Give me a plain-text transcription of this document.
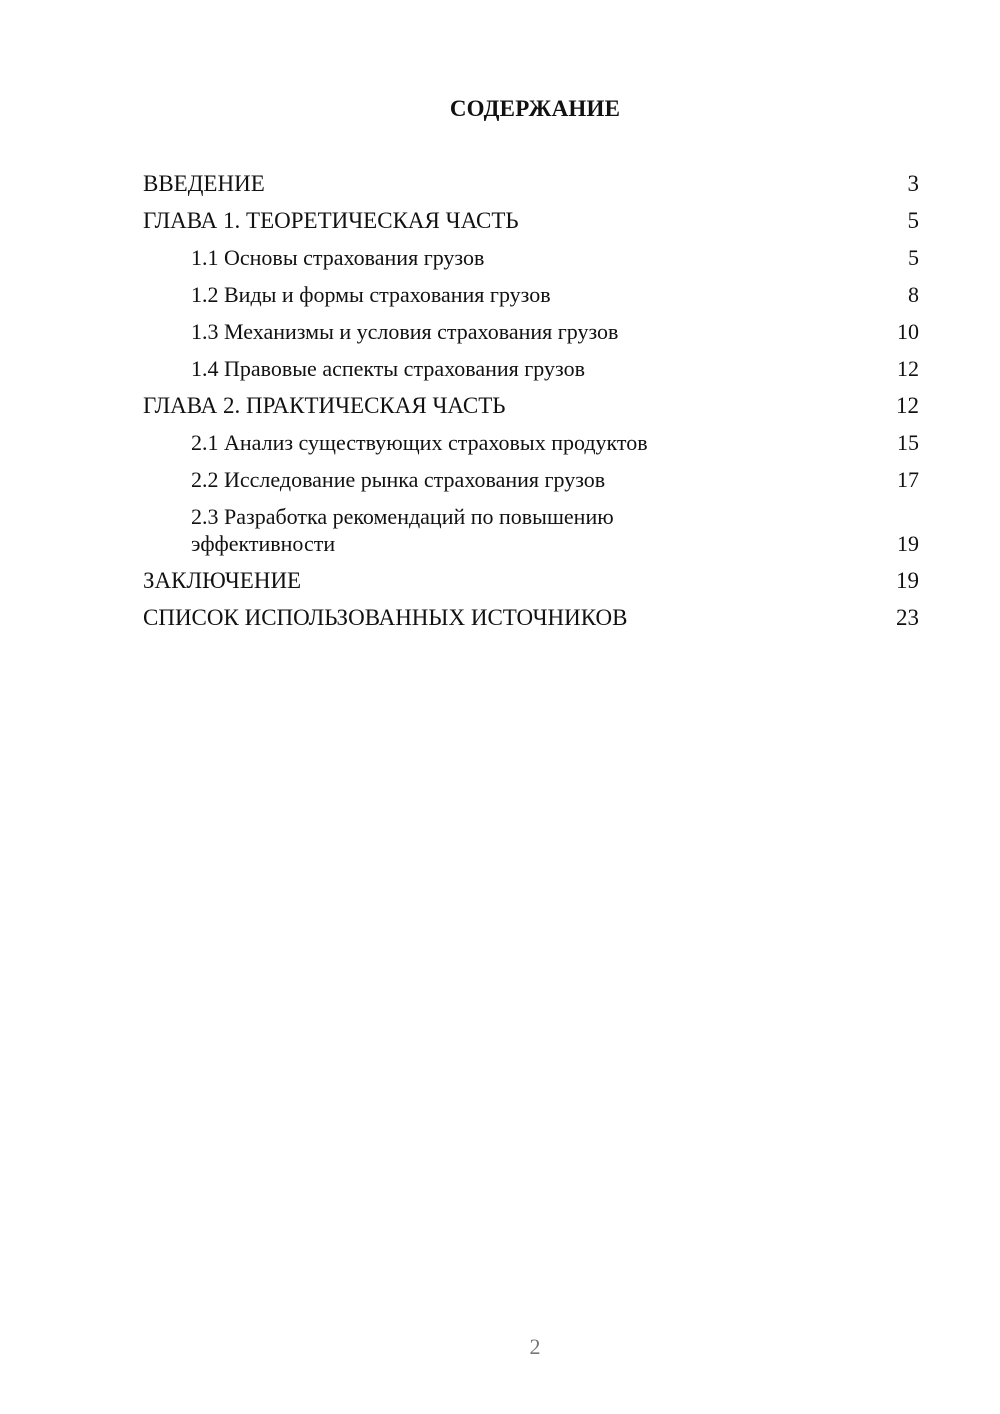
СОДЕРЖАНИЕ
ВВЕДЕНИЕ	3
ГЛАВА 1. ТЕОРЕТИЧЕСКАЯ ЧАСТЬ	5
1.1 Основы страхования грузов	5
1.2 Виды и формы страхования грузов	8
1.3 Механизмы и условия страхования грузов	10
1.4 Правовые аспекты страхования грузов	12
ГЛАВА 2. ПРАКТИЧЕСКАЯ ЧАСТЬ	12
2.1 Анализ существующих страховых продуктов	15
2.2 Исследование рынка страхования грузов	17
2.3 Разработка рекомендаций по повышению эффективности	19
ЗАКЛЮЧЕНИЕ	19
СПИСОК ИСПОЛЬЗОВАННЫХ ИСТОЧНИКОВ	23
2
